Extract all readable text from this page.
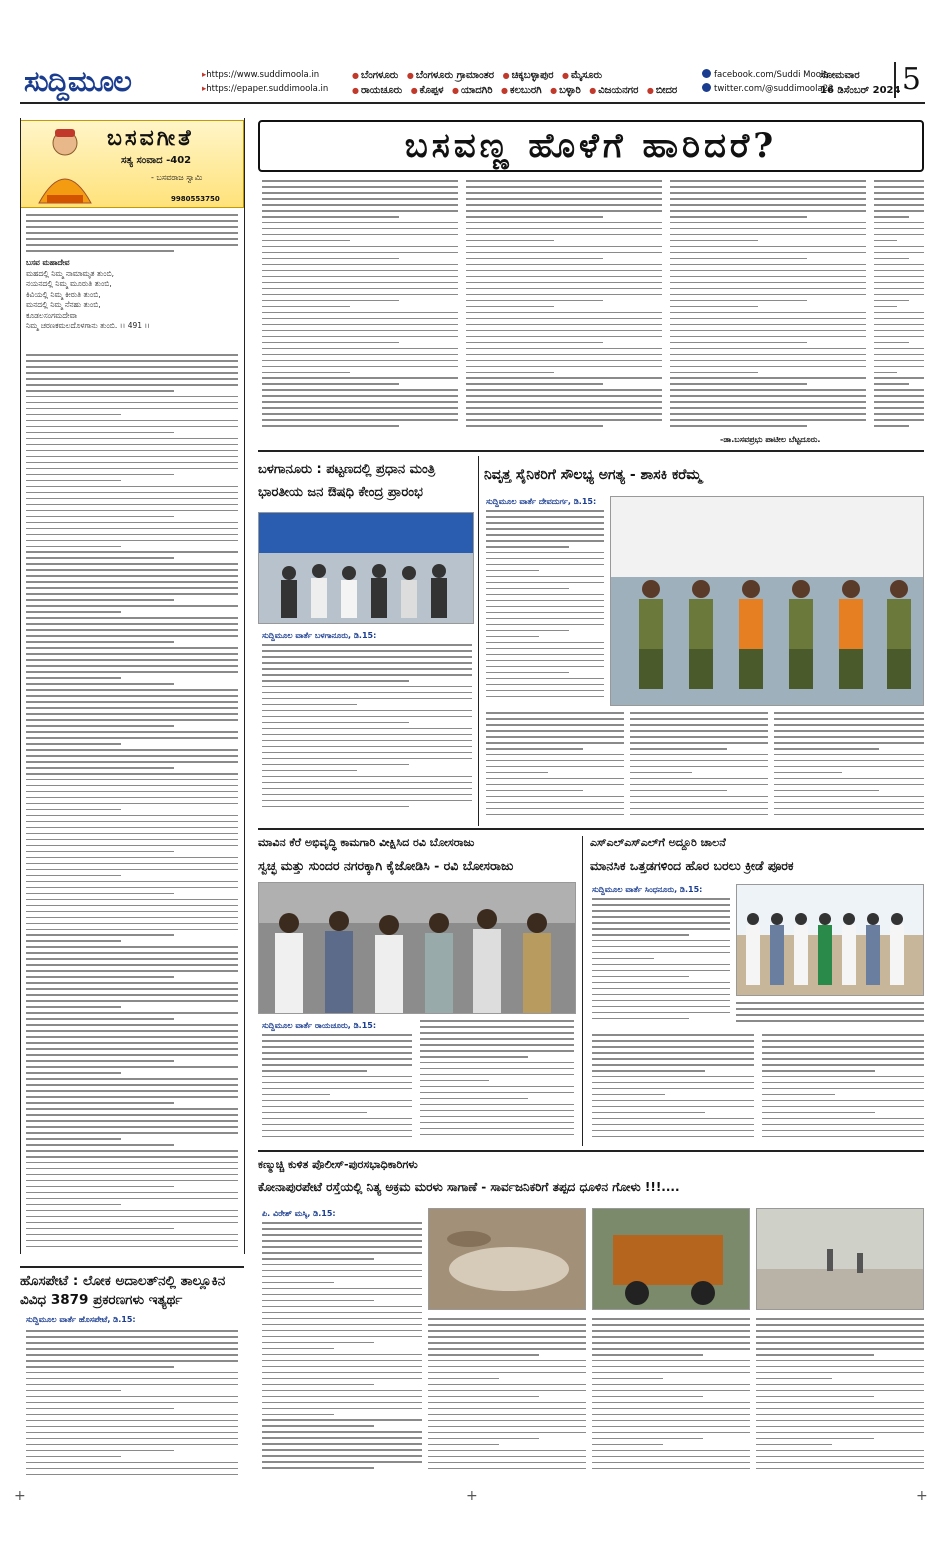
ಸುದ್ದಿಮೂಲ	▸ https://www.suddimoola.in
▸ https://epaper.suddimoola.in
● ಬೆಂಗಳೂರು ● ಬೆಂಗಳೂರು ಗ್ರಾಮಾಂತರ ● ಚಿಕ್ಕಬಳ್ಳಾಪುರ ● ಮೈಸೂರು
● ರಾಯಚೂರು ● ಕೊಪ್ಪಳ ● ಯಾದಗಿರಿ ● ಕಲಬುರಗಿ ● ಬಳ್ಳಾರಿ ● ವಿಜಯನಗರ ● ಬೀದರ
facebook.com/Suddi Moola
twitter.com/@suddimoola22
ಸೋಮವಾರ
16 ಡಿಸೆಂಬರ್ 2024 5
ಬಸವಗೀತೆ
ಸತ್ಯ ಸಂವಾದ -402
- ಬಸವರಾಜ ಸ್ವಾಮಿ
9980553750
ಬಸವ ಮಹಾದೇವ
ಮಹದಲ್ಲಿ ನಿಮ್ಮ ನಾಮಾಮೃತ ತುಂಬಿ,
ನಯನದಲ್ಲಿ ನಿಮ್ಮ ಮೂರುತಿ ತುಂಬಿ,
ಕಿವಿಯಲ್ಲಿ ನಿಮ್ಮ ಕೀರುತಿ ತುಂಬಿ,
ಮನದಲ್ಲಿ ನಿಮ್ಮ ನೆನಹು ತುಂಬಿ,
ಕೂಡಲಸಂಗಮದೇವಾ
ನಿಮ್ಮ ಚರಣಕಮಲದೊಳಗಾನು ತುಂಬಿ. ।। 491 ।।
ಹೊಸಪೇಟೆ : ಲೋಕ ಅದಾಲತ್‌ನಲ್ಲಿ ತಾಲ್ಲೂಕಿನ
ವಿವಿಧ 3879 ಪ್ರಕರಣಗಳು ಇತ್ಯರ್ಥ
ಸುದ್ದಿಮೂಲ ವಾರ್ತೆ ಹೊಸಪೇಟೆ, ಡಿ.15:
ಬಸವಣ್ಣ ಹೊಳೆಗೆ ಹಾರಿದರೆ?
-ಡಾ.ಬಸವಪ್ರಭು ಪಾಟೀಲ ಬೆಟ್ಟದೂರು.
ಬಳಗಾನೂರು : ಪಟ್ಟಣದಲ್ಲಿ ಪ್ರಧಾನ ಮಂತ್ರಿ
ಭಾರತೀಯ ಜನ ಔಷಧಿ ಕೇಂದ್ರ ಪ್ರಾರಂಭ
ಸುದ್ದಿಮೂಲ ವಾರ್ತೆ ಬಳಗಾನೂರು, ಡಿ.15:
ನಿವೃತ್ತ ಸೈನಿಕರಿಗೆ ಸೌಲಭ್ಯ ಅಗತ್ಯ - ಶಾಸಕಿ ಕರೆಮ್ಮ
ಸುದ್ದಿಮೂಲ ವಾರ್ತೆ ದೇವದುರ್ಗ, ಡಿ.15:
ಮಾವಿನ ಕೆರೆ ಅಭಿವೃದ್ಧಿ ಕಾಮಗಾರಿ ವೀಕ್ಷಿಸಿದ ರವಿ ಬೋಸರಾಜು
ಸ್ವಚ್ಛ ಮತ್ತು ಸುಂದರ ನಗರಕ್ಕಾಗಿ ಕೈಜೋಡಿಸಿ - ರವಿ ಬೋಸರಾಜು
ಸುದ್ದಿಮೂಲ ವಾರ್ತೆ ರಾಯಚೂರು, ಡಿ.15:
ಎಸ್‌ಎಲ್‌ಎಸ್‌ಎಲ್‌ಗೆ ಅದ್ದೂರಿ ಚಾಲನೆ
ಮಾನಸಿಕ ಒತ್ತಡಗಳಿಂದ ಹೊರ ಬರಲು ಕ್ರೀಡೆ ಪೂರಕ
ಸುದ್ದಿಮೂಲ ವಾರ್ತೆ ಸಿಂಧನೂರು, ಡಿ.15:
ಕಣ್ಮುಚ್ಚಿ ಕುಳಿತ ಪೊಲೀಸ್-ಪುರಸಭಾಧಿಕಾರಿಗಳು
ಕೋನಾಪುರಪೇಟೆ ರಸ್ತೆಯಲ್ಲಿ ನಿತ್ಯ ಅಕ್ರಮ ಮರಳು ಸಾಗಾಣೆ - ಸಾರ್ವಜನಿಕರಿಗೆ ತಪ್ಪದ ಧೂಳಿನ ಗೋಳು !!!....
ಪಿ. ವಿರೇಶ್ ಮಸ್ಕಿ, ಡಿ.15:
+	+	+
